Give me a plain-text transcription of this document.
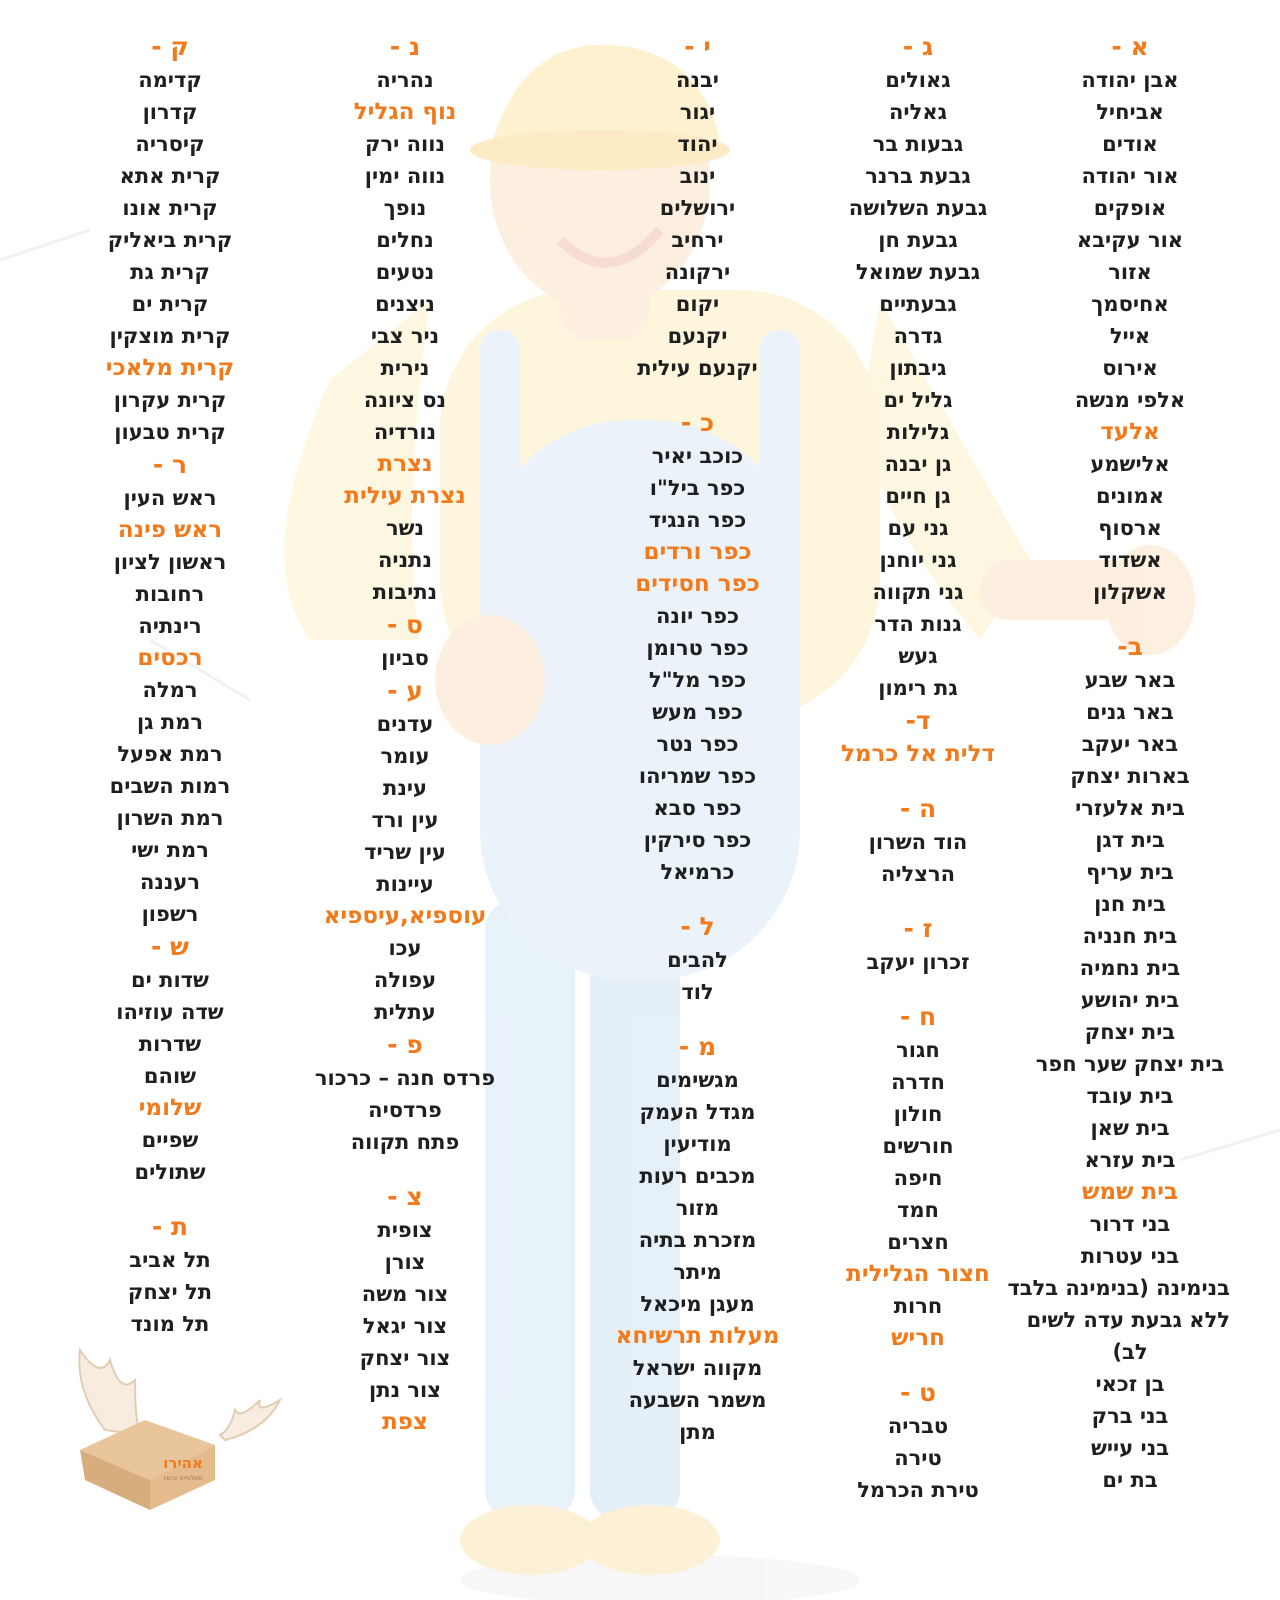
א -
אבן יהודה
אביחיל
אודים
אור יהודה
אופקים
אור עקיבא
אזור
אחיסמך
אייל
אירוס
אלפי מנשה
אלעד
אלישמע
אמונים
ארסוף
אשדוד
אשקלון
ב-
באר שבע
באר גנים
באר יעקב
בארות יצחק
בית אלעזרי
בית דגן
בית עריף
בית חנן
בית חנניה
בית נחמיה
בית יהושע
בית יצחק
בית יצחק שער חפר
בית עובד
בית שאן
בית עזרא
בית שמש
בני דרור
בני עטרות
בנימינה (בנימינה בלבד
ללא גבעת עדה לשים
לב)
בן זכאי
בני ברק
בני עייש
בת ים
ג -
גאולים
גאליה
גבעות בר
גבעת ברנר
גבעת השלושה
גבעת חן
גבעת שמואל
גבעתיים
גדרה
גיבתון
גליל ים
גלילות
גן יבנה
גן חיים
גני עם
גני יוחנן
גני תקווה
גנות הדר
געש
גת רימון
ד-
דלית אל כרמל
ה -
הוד השרון
הרצליה
ז -
זכרון יעקב
ח -
חגור
חדרה
חולון
חורשים
חיפה
חמד
חצרים
חצור הגלילית
חרות
חריש
ט -
טבריה
טירה
טירת הכרמל
י -
יבנה
יגור
יהוד
ינוב
ירושלים
ירחיב
ירקונה
יקום
יקנעם
יקנעם עילית
כ -
כוכב יאיר
כפר ביל"ו
כפר הנגיד
כפר ורדים
כפר חסידים
כפר יונה
כפר טרומן
כפר מל"ל
כפר מעש
כפר נטר
כפר שמריהו
כפר סבא
כפר סירקין
כרמיאל
ל -
להבים
לוד
מ -
מגשימים
מגדל העמק
מודיעין
מכבים רעות
מזור
מזכרת בתיה
מיתר
מעגן מיכאל
מעלות תרשיחא
מקווה ישראל
משמר השבעה
מתן
נ -
נהריה
נוף הגליל
נווה ירק
נווה ימין
נופך
נחלים
נטעים
ניצנים
ניר צבי
נירית
נס ציונה
נורדיה
נצרת
נצרת עילית
נשר
נתניה
נתיבות
ס -
סביון
ע -
עדנים
עומר
עינת
עין ורד
עין שריד
עיינות
עוספיא,עיספיא
עכו
עפולה
עתלית
פ -
פרדס חנה – כרכור
פרדסיה
פתח תקווה
צ -
צופית
צורן
צור משה
צור יגאל
צור יצחק
צור נתן
צפת
ק -
קדימה
קדרון
קיסריה
קרית אתא
קרית אונו
קרית ביאליק
קרית גת
קרית ים
קרית מוצקין
קרית מלאכי
קרית עקרון
קרית טבעון
ר -
ראש העין
ראש פינה
ראשון לציון
רחובות
רינתיה
רכסים
רמלה
רמת גן
רמת אפעל
רמות השבים
רמת השרון
רמת ישי
רעננה
רשפון
ש -
שדות ים
שדה עוזיהו
שדרות
שוהם
שלומי
שפיים
שתולים
ת -
תל אביב
תל יצחק
תל מונד
אהירו
משלוחים עכשיו
